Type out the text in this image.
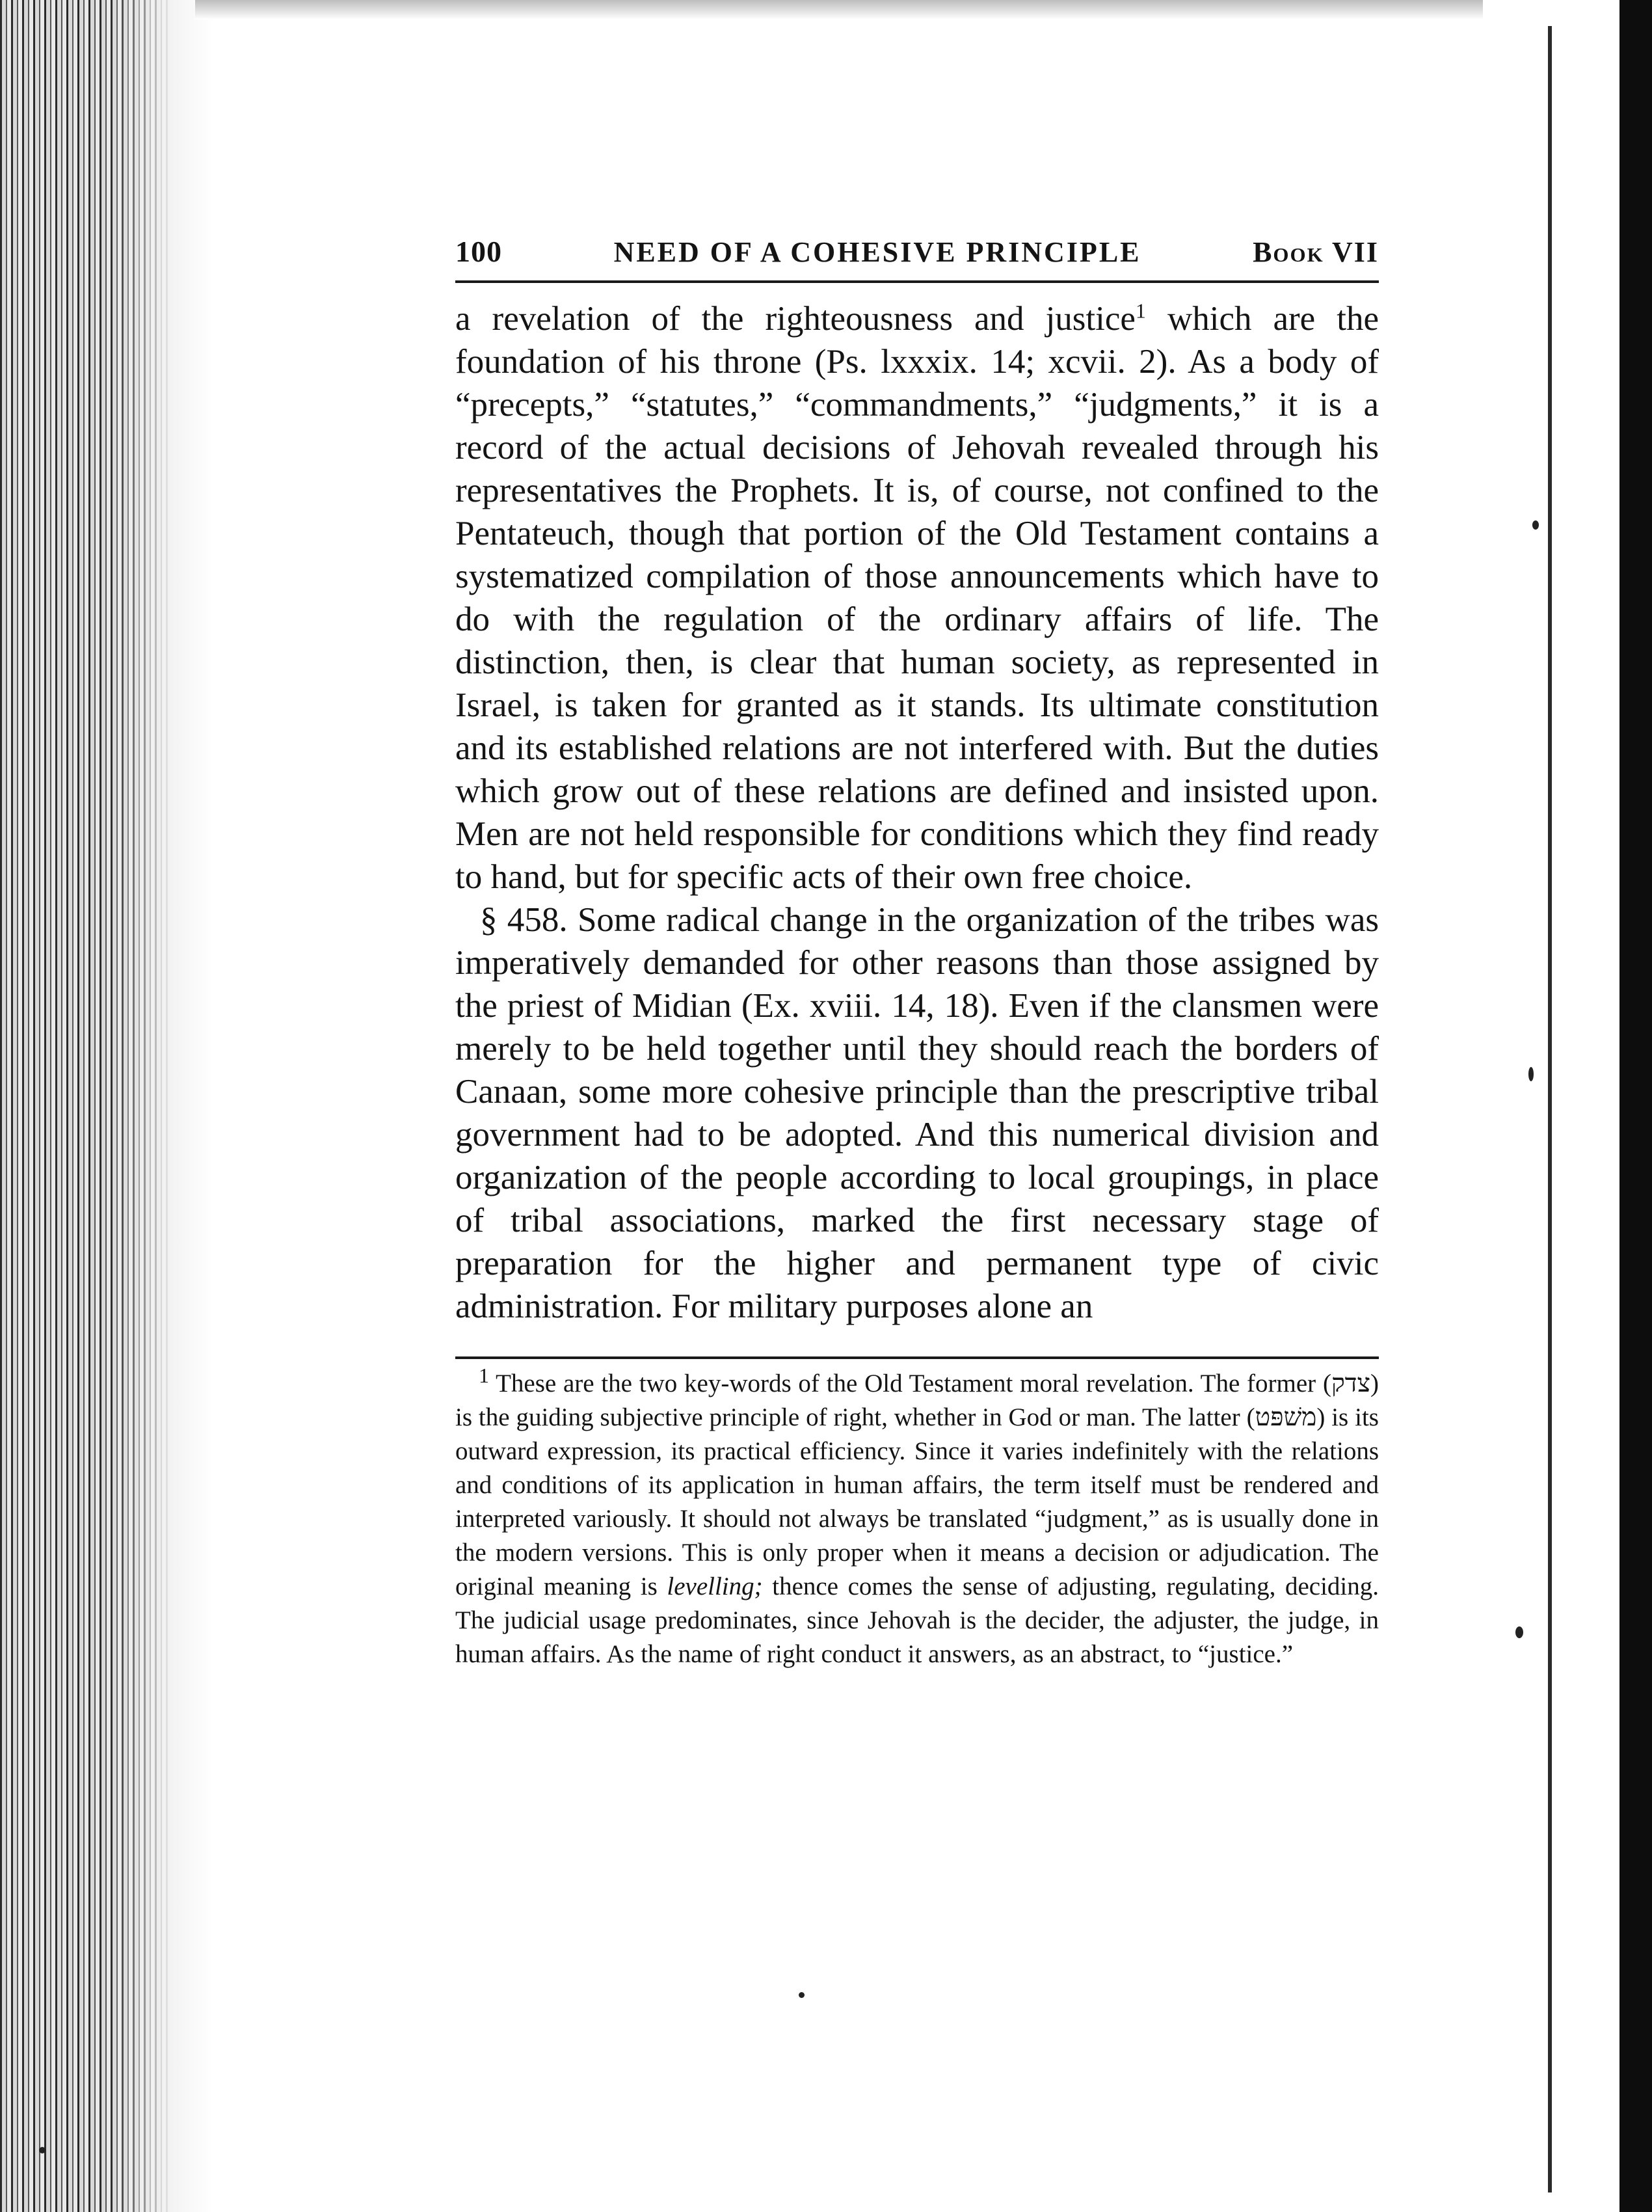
100	NEED OF A COHESIVE PRINCIPLE	Book VII

a revelation of the righteousness and justice$^1$ which are the foundation of his throne (Ps. lxxxix. 14; xcvii. 2). As a body of “precepts,” “statutes,” “commandments,” “judgments,” it is a record of the actual decisions of Jehovah revealed through his representatives the Prophets. It is, of course, not confined to the Pentateuch, though that portion of the Old Testament contains a systematized compilation of those announcements which have to do with the regulation of the ordinary affairs of life. The distinction, then, is clear that human society, as represented in Israel, is taken for granted as it stands. Its ultimate constitution and its established relations are not interfered with. But the duties which grow out of these relations are defined and insisted upon. Men are not held responsible for conditions which they find ready to hand, but for specific acts of their own free choice.

§ 458. Some radical change in the organization of the tribes was imperatively demanded for other reasons than those assigned by the priest of Midian (Ex. xviii. 14, 18). Even if the clansmen were merely to be held together until they should reach the borders of Canaan, some more cohesive principle than the prescriptive tribal government had to be adopted. And this numerical division and organization of the people according to local groupings, in place of tribal associations, marked the first necessary stage of preparation for the higher and permanent type of civic administration. For military purposes alone an

$^1$ These are the two key-words of the Old Testament moral revelation. The former (צדק) is the guiding subjective principle of right, whether in God or man. The latter (משׁפּט) is its outward expression, its practical efficiency. Since it varies indefinitely with the relations and conditions of its application in human affairs, the term itself must be rendered and interpreted variously. It should not always be translated “judgment,” as is usually done in the modern versions. This is only proper when it means a decision or adjudication. The original meaning is levelling; thence comes the sense of adjusting, regulating, deciding. The judicial usage predominates, since Jehovah is the decider, the adjuster, the judge, in human affairs. As the name of right conduct it answers, as an abstract, to “justice.”
